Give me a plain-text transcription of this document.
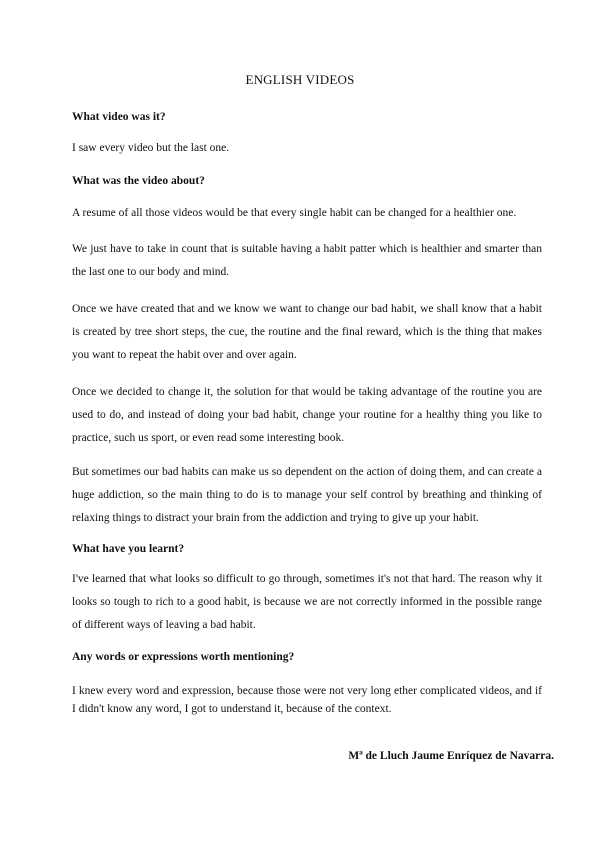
ENGLISH VIDEOS
What video was it?
I saw every video but the last one.
What was the video about?
A resume of all those videos would be that every single habit can be changed for a healthier one.
We just have to take in count that is suitable having a habit patter which is healthier and smarter than the last one to our body and mind.
Once we have created that and we know we want to change our bad habit, we shall know that a habit is created by tree short steps, the cue, the routine and the final reward, which is the thing that makes you want to repeat the habit over and over again.
Once we decided to change it, the solution for that would be taking advantage of the routine you are used to do, and instead of doing your bad habit, change your routine for a healthy thing you like to practice, such us sport, or even read some interesting book.
But sometimes our bad habits can make us so dependent on the action of doing them, and can create a huge addiction, so the main thing to do is to manage your self control by breathing and thinking of relaxing things to distract your brain from the addiction and trying to give up your habit.
What have you learnt?
I've learned that what looks so difficult to go through, sometimes it's not that hard. The reason why it looks so tough to rich to a good habit, is because we are not correctly informed in the possible range of different ways of leaving a bad habit.
Any words or expressions worth mentioning?
I knew every word and expression, because those were not very long ether complicated videos, and if I didn't know any word, I got to understand it, because of the context.
Mª de Lluch Jaume Enríquez de Navarra.
